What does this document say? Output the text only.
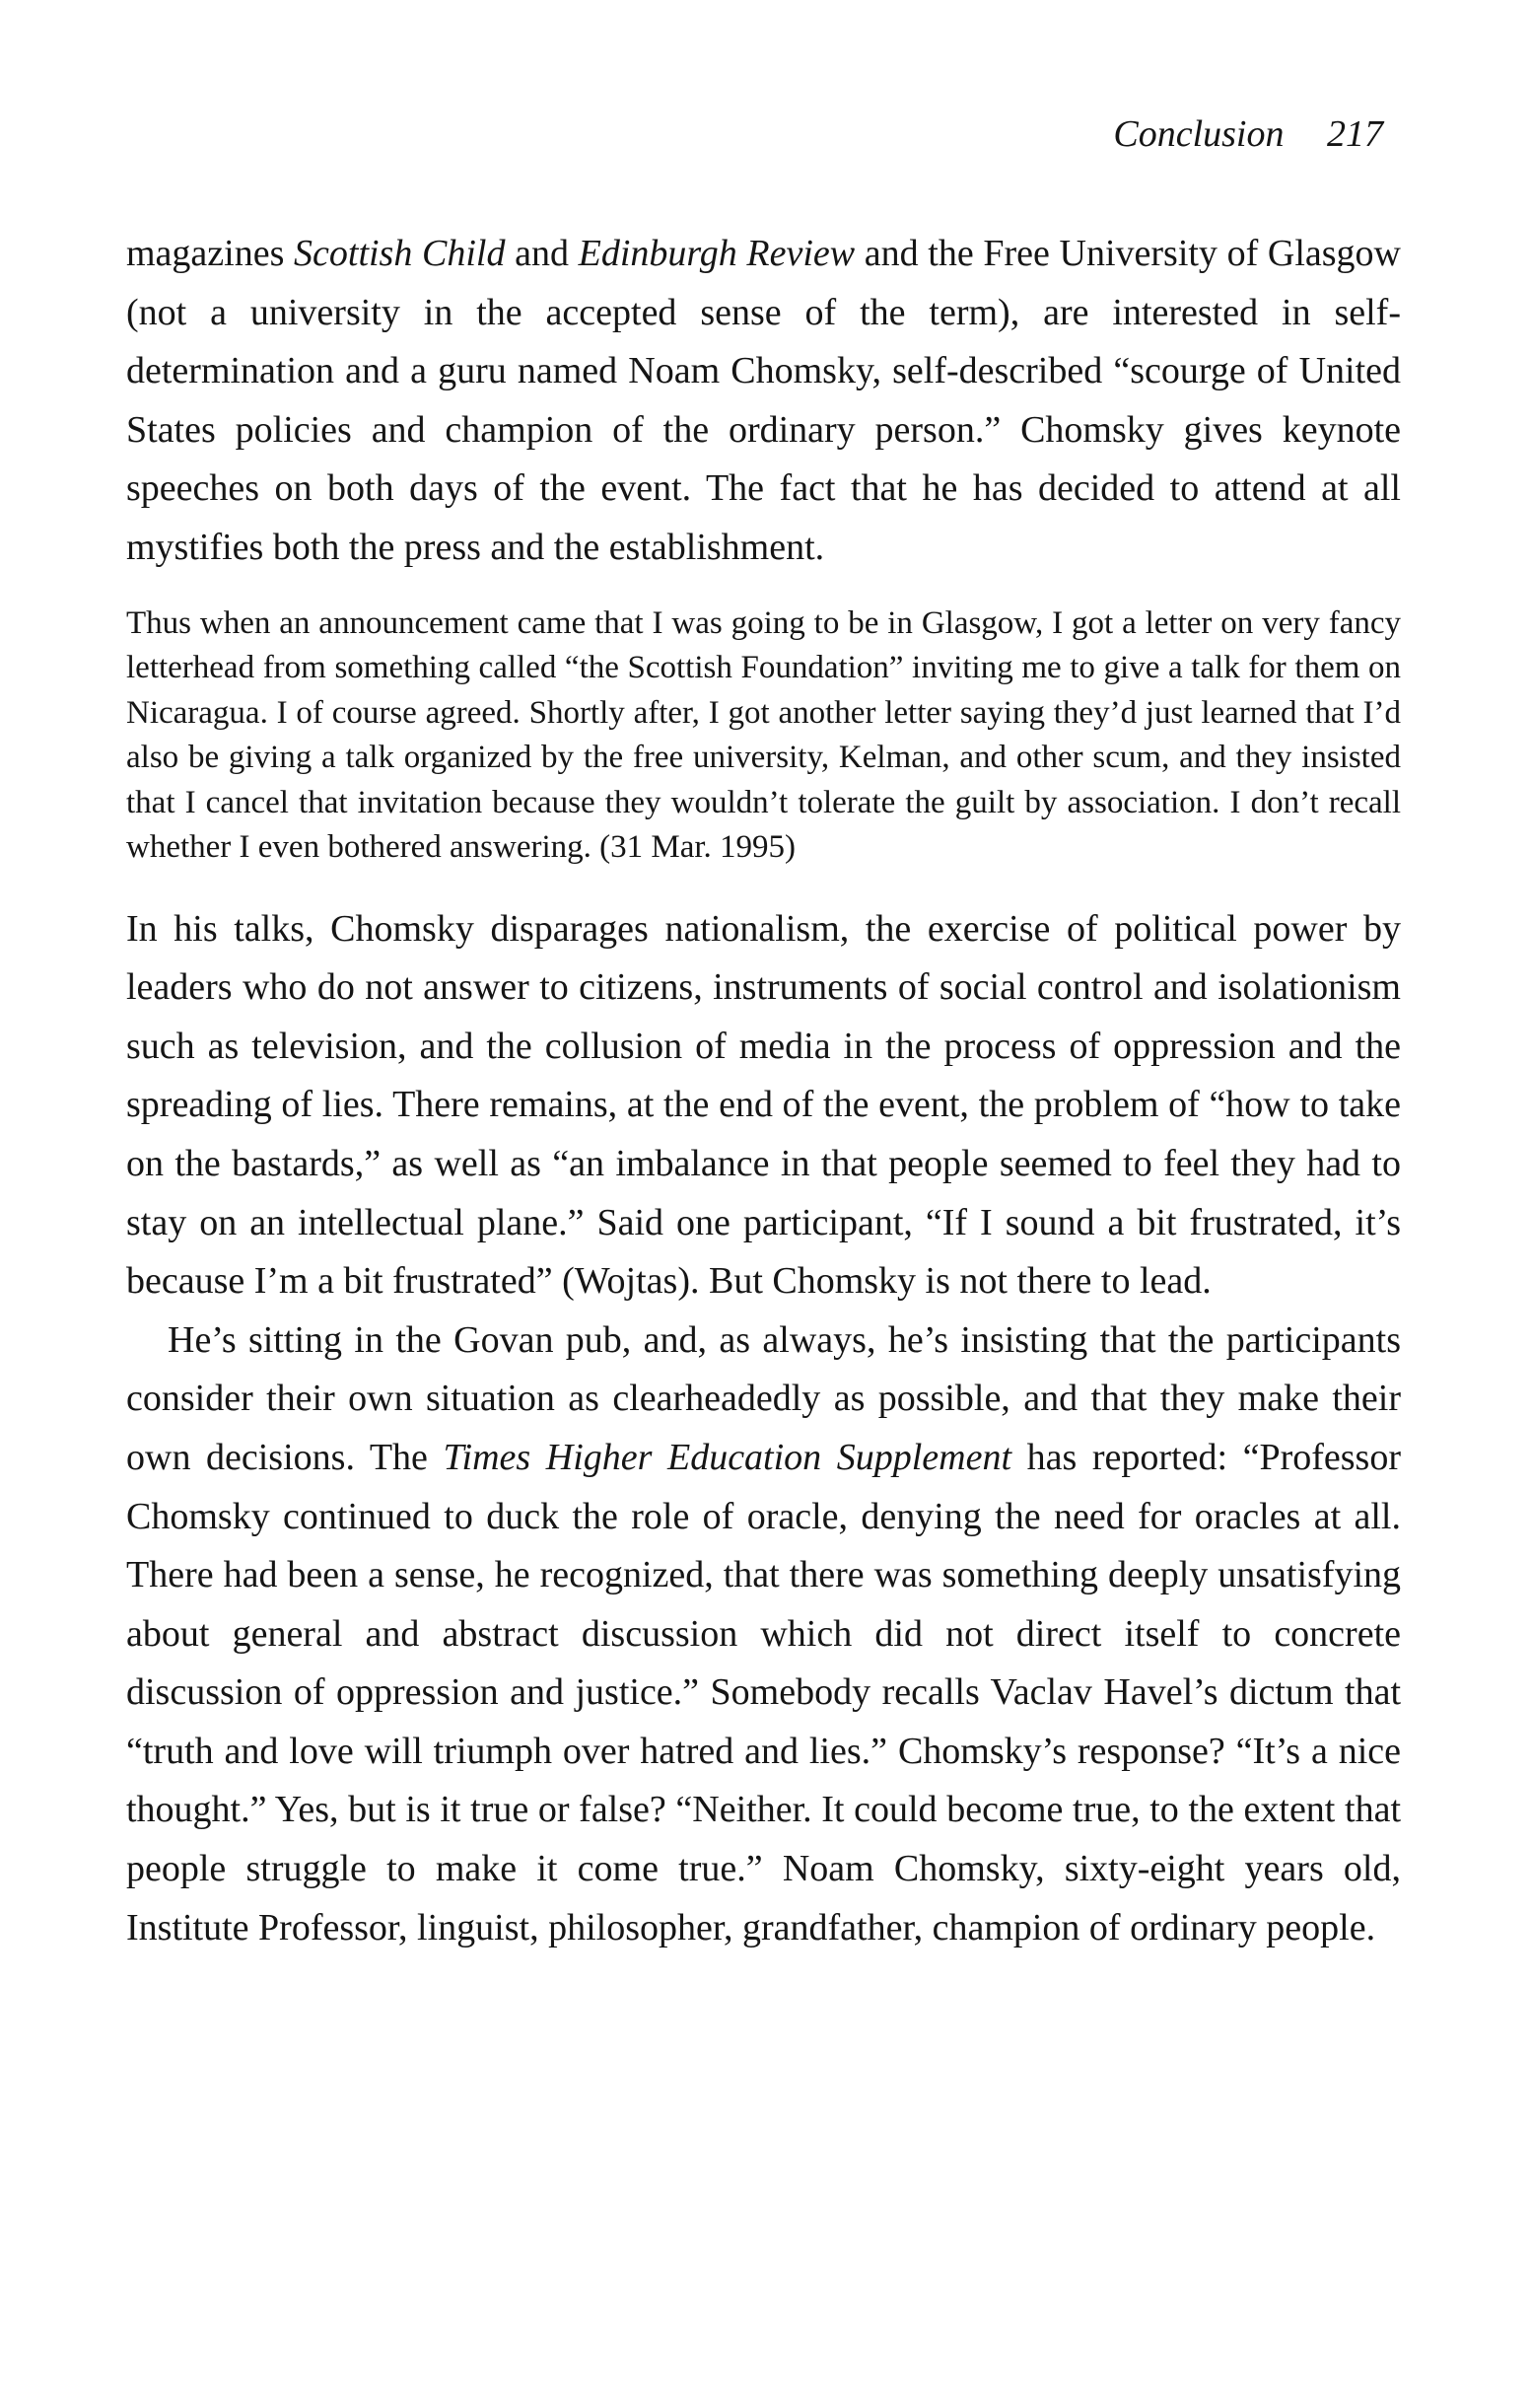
Conclusion 217

magazines Scottish Child and Edinburgh Review and the Free University of Glasgow (not a university in the accepted sense of the term), are interested in self-determination and a guru named Noam Chomsky, self-described “scourge of United States policies and champion of the ordinary person.” Chomsky gives keynote speeches on both days of the event. The fact that he has decided to attend at all mystifies both the press and the establishment.

Thus when an announcement came that I was going to be in Glasgow, I got a letter on very fancy letterhead from something called “the Scottish Foundation” inviting me to give a talk for them on Nicaragua. I of course agreed. Shortly after, I got another letter saying they’d just learned that I’d also be giving a talk organized by the free university, Kelman, and other scum, and they insisted that I cancel that invitation because they wouldn’t tolerate the guilt by association. I don’t recall whether I even bothered answering. (31 Mar. 1995)

In his talks, Chomsky disparages nationalism, the exercise of political power by leaders who do not answer to citizens, instruments of social control and isolationism such as television, and the collusion of media in the process of oppression and the spreading of lies. There remains, at the end of the event, the problem of “how to take on the bastards,” as well as “an imbalance in that people seemed to feel they had to stay on an intellectual plane.” Said one participant, “If I sound a bit frustrated, it’s because I’m a bit frustrated” (Wojtas). But Chomsky is not there to lead.

He’s sitting in the Govan pub, and, as always, he’s insisting that the participants consider their own situation as clearheadedly as possible, and that they make their own decisions. The Times Higher Education Supplement has reported: “Professor Chomsky continued to duck the role of oracle, denying the need for oracles at all. There had been a sense, he recognized, that there was something deeply unsatisfying about general and abstract discussion which did not direct itself to concrete discussion of oppression and justice.” Somebody recalls Vaclav Havel’s dictum that “truth and love will triumph over hatred and lies.” Chomsky’s response? “It’s a nice thought.” Yes, but is it true or false? “Neither. It could become true, to the extent that people struggle to make it come true.” Noam Chomsky, sixty-eight years old, Institute Professor, linguist, philosopher, grandfather, champion of ordinary people.
